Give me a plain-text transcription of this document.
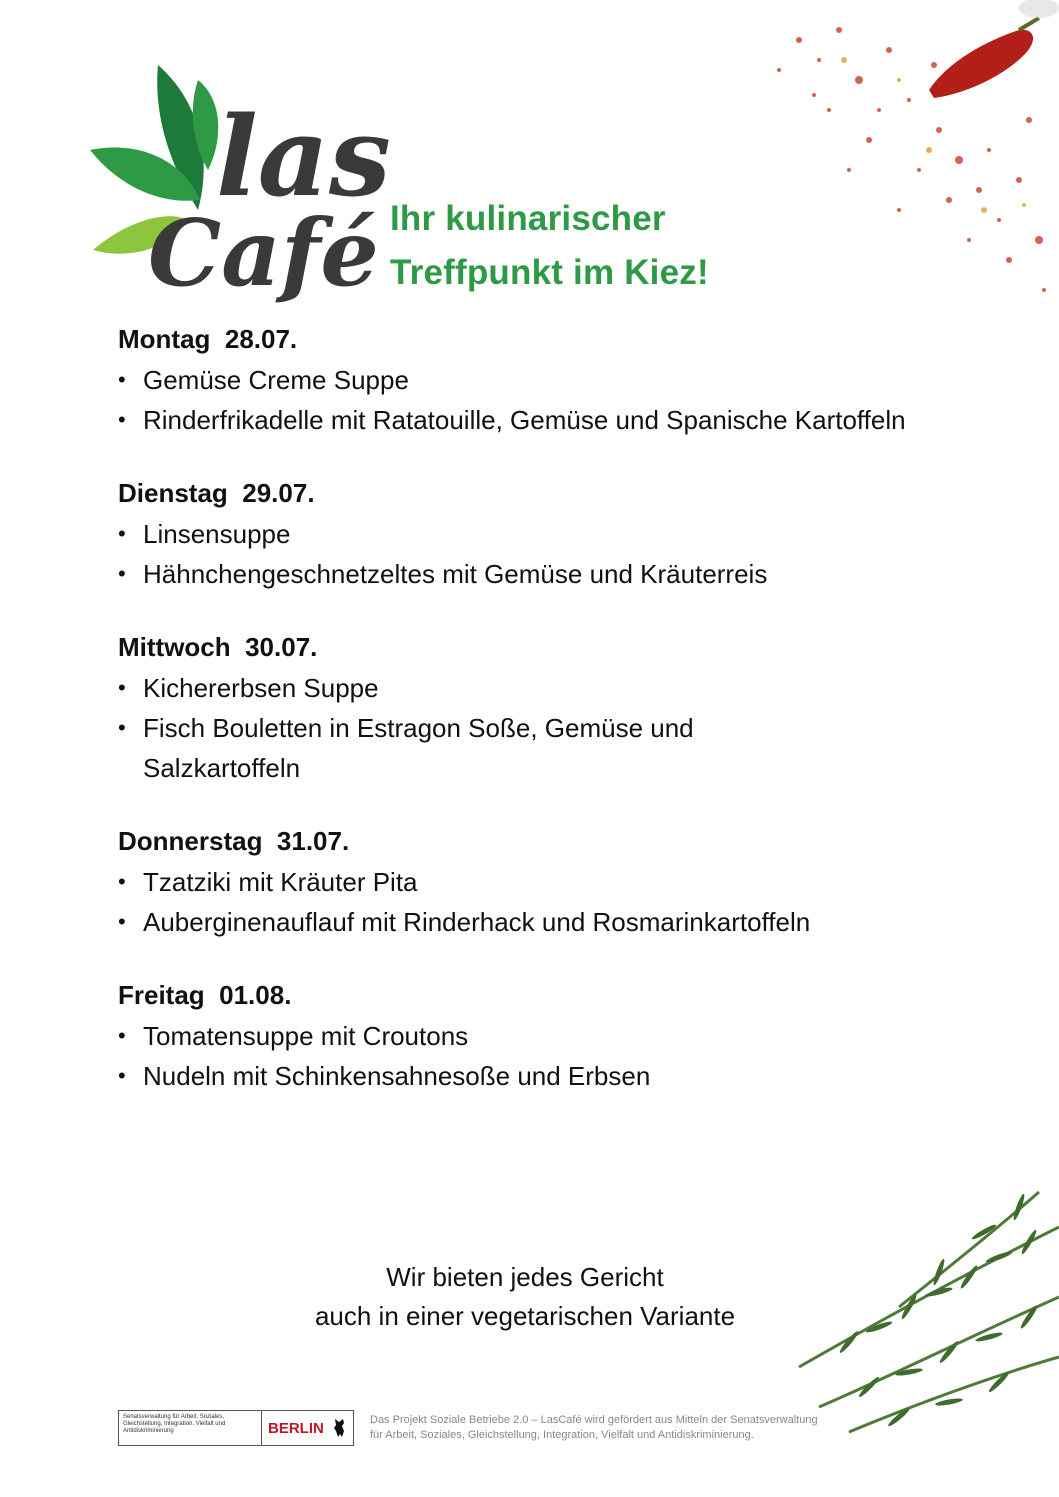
las
Café Ihr kulinarischer
Treffpunkt im Kiez!
Montag  28.07.
• Gemüse Creme Suppe
• Rinderfrikadelle mit Ratatouille, Gemüse und Spanische Kartoffeln
Dienstag  29.07.
• Linsensuppe
• Hähnchengeschnetzeltes mit Gemüse und Kräuterreis
Mittwoch  30.07.
• Kichererbsen Suppe
• Fisch Bouletten in Estragon Soße, Gemüse und Salzkartoffeln
Donnerstag  31.07.
• Tzatziki mit Kräuter Pita
• Auberginenauflauf mit Rinderhack und Rosmarinkartoffeln
Freitag  01.08.
• Tomatensuppe mit Croutons
• Nudeln mit Schinkensahnesoße und Erbsen
Wir bieten jedes Gericht
auch in einer vegetarischen Variante
Senatsverwaltung für Arbeit, Soziales, Gleichstellung, Integration, Vielfalt und Antidiskriminierung	BERLIN	Das Projekt Soziale Betriebe 2.0 – LasCafé wird gefördert aus Mitteln der Senatsverwaltung
für Arbeit, Soziales, Gleichstellung, Integration, Vielfalt und Antidiskriminierung.
